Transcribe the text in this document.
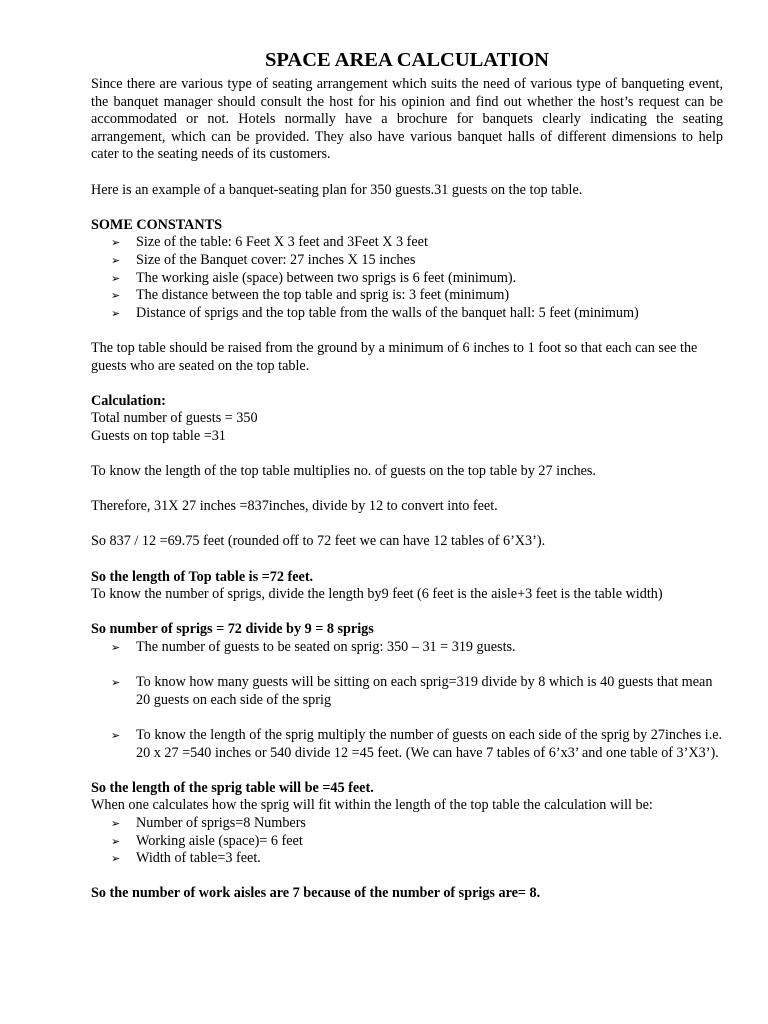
SPACE AREA CALCULATION

Since there are various type of seating arrangement which suits the need of various type of banqueting event, the banquet manager should consult the host for his opinion and find out whether the host’s request can be accommodated or not. Hotels normally have a brochure for banquets clearly indicating the seating arrangement, which can be provided. They also have various banquet halls of different dimensions to help cater to the seating needs of its customers.

Here is an example of a banquet-seating plan for 350 guests.31 guests on the top table.

SOME CONSTANTS

➢	Size of the table: 6 Feet X 3 feet and 3Feet X 3 feet
➢	Size of the Banquet cover: 27 inches X 15 inches
➢	The working aisle (space) between two sprigs is 6 feet (minimum).
➢	The distance between the top table and sprig is: 3 feet (minimum)
➢	Distance of sprigs and the top table from the walls of the banquet hall: 5 feet (minimum)

The top table should be raised from the ground by a minimum of 6 inches to 1 foot so that each can see the guests who are seated on the top table.

Calculation:

Total number of guests = 350

Guests on top table =31

To know the length of the top table multiplies no. of guests on the top table by 27 inches.

Therefore, 31X 27 inches =837inches, divide by 12 to convert into feet.

So 837 / 12 =69.75 feet (rounded off to 72 feet we can have 12 tables of 6’X3’).

So the length of Top table is =72 feet.

To know the number of sprigs, divide the length by9 feet (6 feet is the aisle+3 feet is the table width)

So number of sprigs = 72 divide by 9 = 8 sprigs

➢	The number of guests to be seated on sprig: 350 – 31 = 319 guests.
➢	To know how many guests will be sitting on each sprig=319 divide by 8 which is 40 guests that mean 20 guests on each side of the sprig
➢	To know the length of the sprig multiply the number of guests on each side of the sprig by 27inches i.e. 20 x 27 =540 inches or 540 divide 12 =45 feet. (We can have 7 tables of 6’x3’ and one table of 3’X3’).

So the length of the sprig table will be =45 feet.

When one calculates how the sprig will fit within the length of the top table the calculation will be:

➢	Number of sprigs=8 Numbers
➢	Working aisle (space)= 6 feet
➢	Width of table=3 feet.

So the number of work aisles are 7 because of the number of sprigs are= 8.
